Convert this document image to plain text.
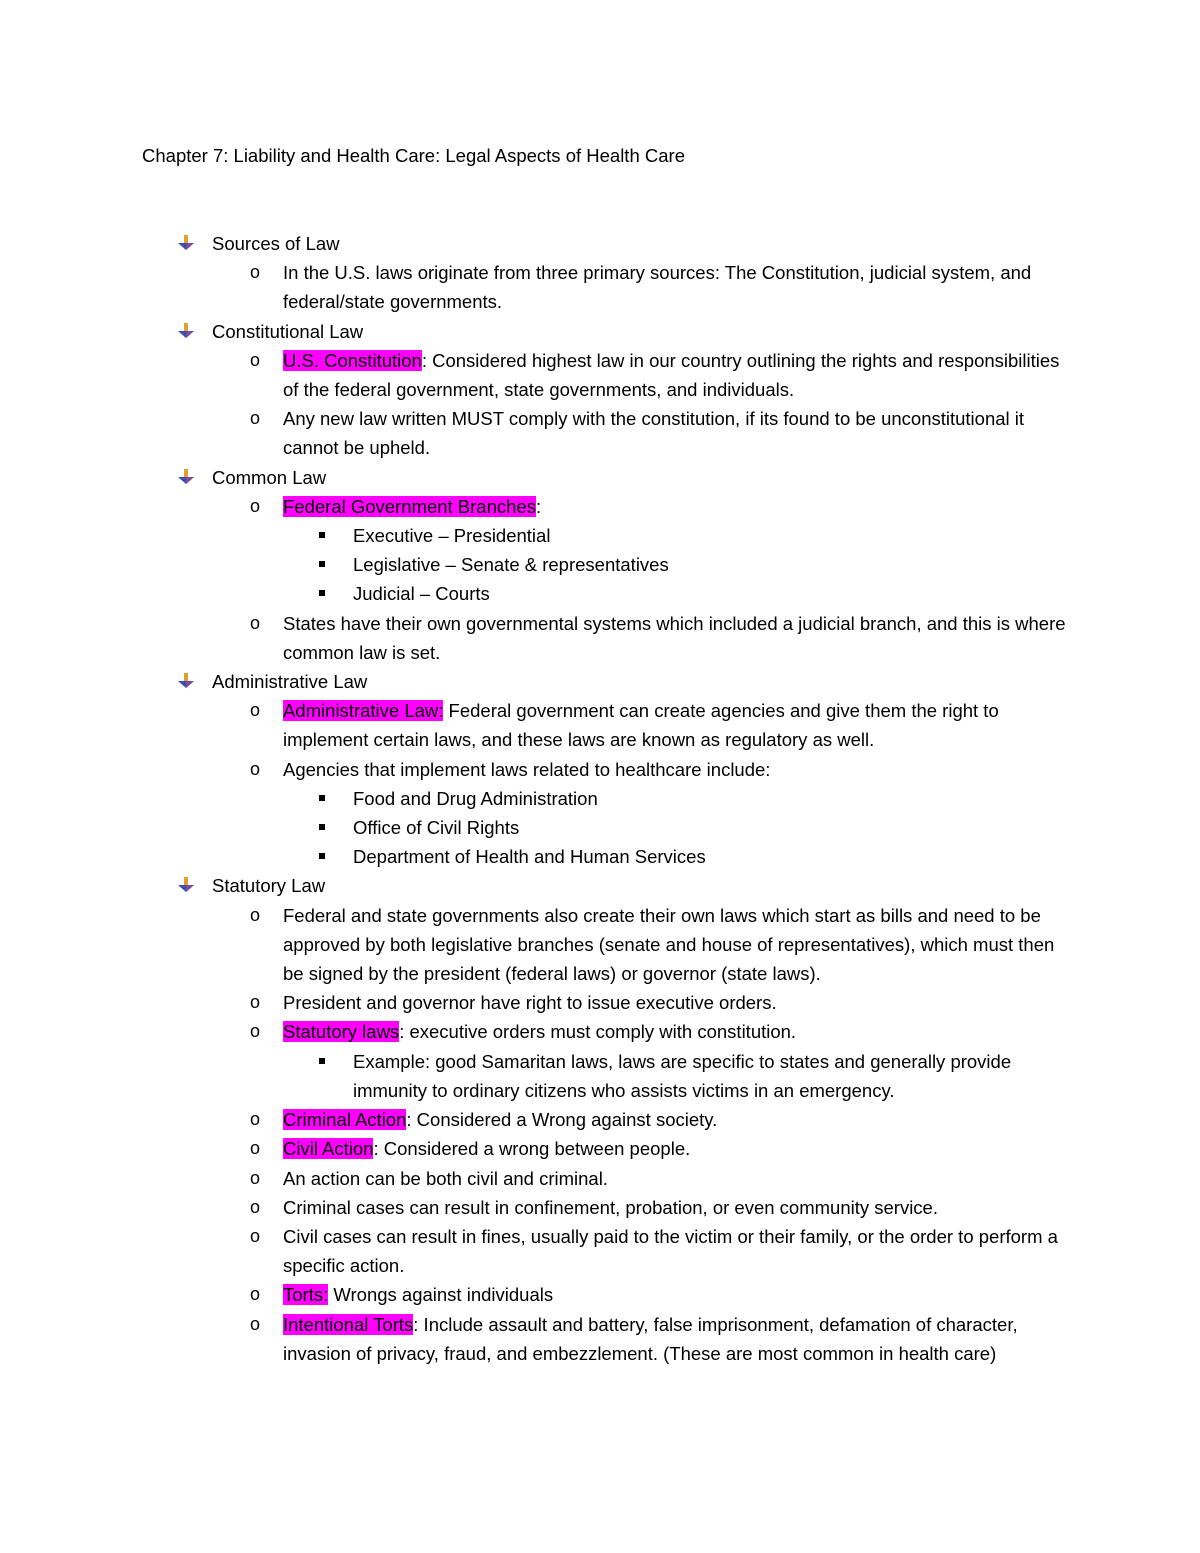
Chapter 7: Liability and Health Care: Legal Aspects of Health Care
Sources of Law
o In the U.S. laws originate from three primary sources: The Constitution, judicial system, and federal/state governments.
Constitutional Law
o U.S. Constitution: Considered highest law in our country outlining the rights and responsibilities of the federal government, state governments, and individuals.
o Any new law written MUST comply with the constitution, if its found to be unconstitutional it cannot be upheld.
Common Law
o Federal Government Branches:
Executive – Presidential
Legislative – Senate & representatives
Judicial – Courts
o States have their own governmental systems which included a judicial branch, and this is where common law is set.
Administrative Law
o Administrative Law: Federal government can create agencies and give them the right to implement certain laws, and these laws are known as regulatory as well.
o Agencies that implement laws related to healthcare include:
Food and Drug Administration
Office of Civil Rights
Department of Health and Human Services
Statutory Law
o Federal and state governments also create their own laws which start as bills and need to be approved by both legislative branches (senate and house of representatives), which must then be signed by the president (federal laws) or governor (state laws).
o President and governor have right to issue executive orders.
o Statutory laws: executive orders must comply with constitution.
Example: good Samaritan laws, laws are specific to states and generally provide immunity to ordinary citizens who assists victims in an emergency.
o Criminal Action: Considered a Wrong against society.
o Civil Action: Considered a wrong between people.
o An action can be both civil and criminal.
o Criminal cases can result in confinement, probation, or even community service.
o Civil cases can result in fines, usually paid to the victim or their family, or the order to perform a specific action.
o Torts: Wrongs against individuals
o Intentional Torts: Include assault and battery, false imprisonment, defamation of character, invasion of privacy, fraud, and embezzlement. (These are most common in health care)
